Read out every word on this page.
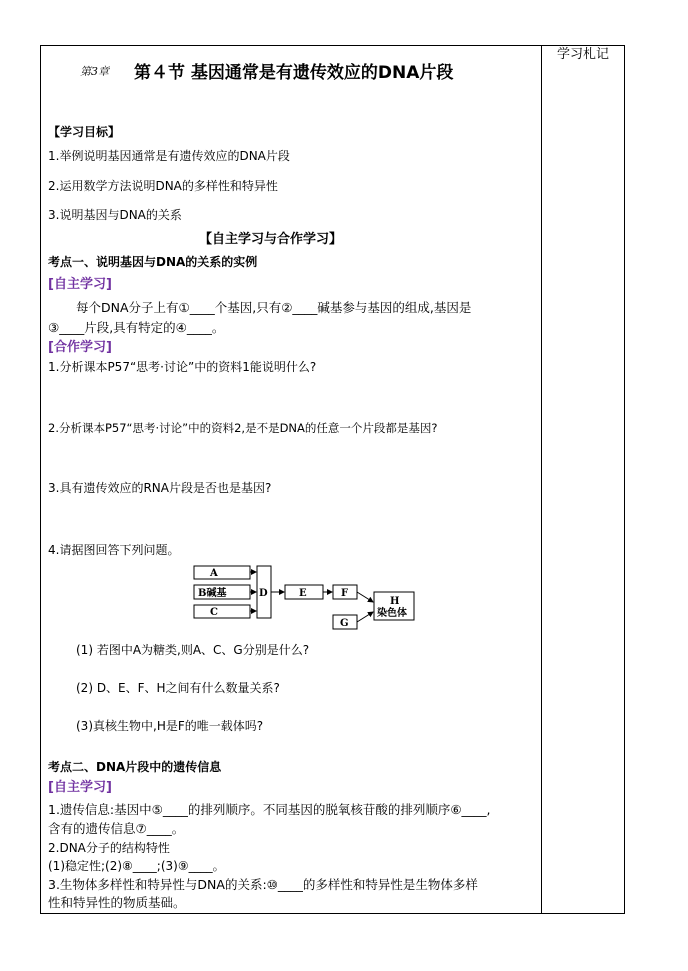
学习札记
第3章 第４节 基因通常是有遗传效应的DNA片段
【学习目标】
1.举例说明基因通常是有遗传效应的DNA片段
2.运用数学方法说明DNA的多样性和特异性
3.说明基因与DNA的关系
【自主学习与合作学习】
考点一、说明基因与DNA的关系的实例
[自主学习]
每个DNA分子上有①____个基因,只有②____碱基参与基因的组成,基因是
③____片段,具有特定的④____。
[合作学习]
1.分析课本P57“思考·讨论”中的资料1能说明什么?
2.分析课本P57“思考·讨论”中的资料2,是不是DNA的任意一个片段都是基因?
3.具有遗传效应的RNA片段是否也是基因?
4.请据图回答下列问题。
A
B碱基
C
D	E	F
G
H
染色体
(1) 若图中A为糖类,则A、C、G分别是什么?
(2) D、E、F、H之间有什么数量关系?
(3)真核生物中,H是F的唯一载体吗?
考点二、DNA片段中的遗传信息
[自主学习]
1.遗传信息:基因中⑤____的排列顺序。不同基因的脱氧核苷酸的排列顺序⑥____,
含有的遗传信息⑦____。
2.DNA分子的结构特性
(1)稳定性;(2)⑧____;(3)⑨____。
3.生物体多样性和特异性与DNA的关系:⑩____的多样性和特异性是生物体多样
性和特异性的物质基础。
